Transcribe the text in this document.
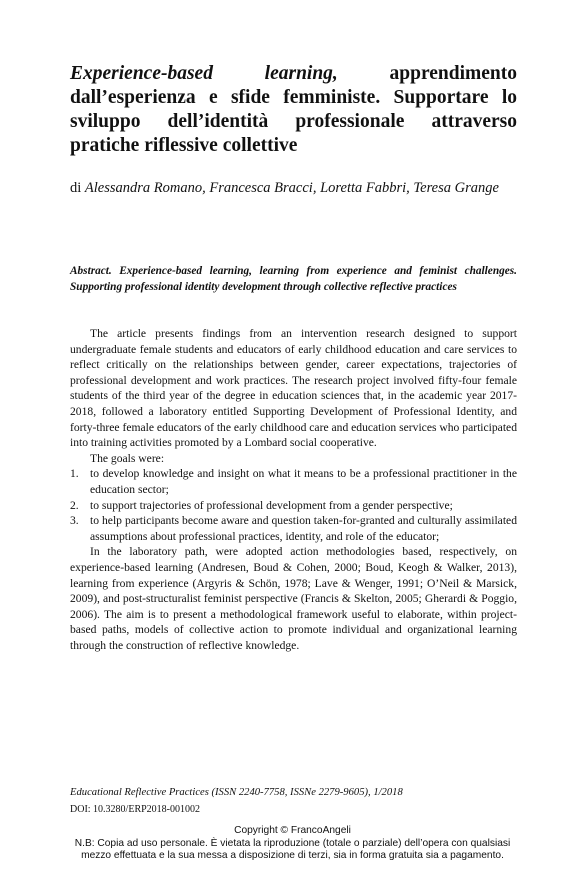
Experience-based learning,	apprendimento dall’esperienza e sfide femministe. Supportare lo sviluppo dell’identità professionale attraverso pratiche riflessive collettive

di Alessandra Romano, Francesca Bracci, Loretta Fabbri, Teresa Grange

Abstract. Experience-based learning, learning from experience and feminist challenges. Supporting professional identity development through collective reflective practices

The article presents findings from an intervention research designed to support undergraduate female students and educators of early childhood education and care services to reflect critically on the relationships between gender, career expectations, trajectories of professional development and work practices. The research project involved fifty-four female students of the third year of the degree in education sciences that, in the academic year 2017-2018, followed a laboratory entitled Supporting Development of Professional Identity, and forty-three female educators of the early childhood care and education services who participated into training activities promoted by a Lombard social cooperative.

The goals were:

1. to develop knowledge and insight on what it means to be a professional practitioner in the education sector;
2. to support trajectories of professional development from a gender perspective;
3. to help participants become aware and question taken-for-granted and culturally assimilated assumptions about professional practices, identity, and role of the educator;

In the laboratory path, were adopted action methodologies based, respectively, on experience-based learning (Andresen, Boud & Cohen, 2000; Boud, Keogh & Walker, 2013), learning from experience (Argyris & Schön, 1978; Lave & Wenger, 1991; O’Neil & Marsick, 2009), and post-structuralist feminist perspective (Francis & Skelton, 2005; Gherardi & Poggio, 2006). The aim is to present a methodological framework useful to elaborate, within project-based paths, models of collective action to promote individual and organizational learning through the construction of reflective knowledge.

Educational Reflective Practices (ISSN 2240-7758, ISSNe 2279-9605), 1/2018

DOI: 10.3280/ERP2018-001002

Copyright © FrancoAngeli
N.B: Copia ad uso personale. È vietata la riproduzione (totale o parziale) dell’opera con qualsiasi
mezzo effettuata e la sua messa a disposizione di terzi, sia in forma gratuita sia a pagamento.
